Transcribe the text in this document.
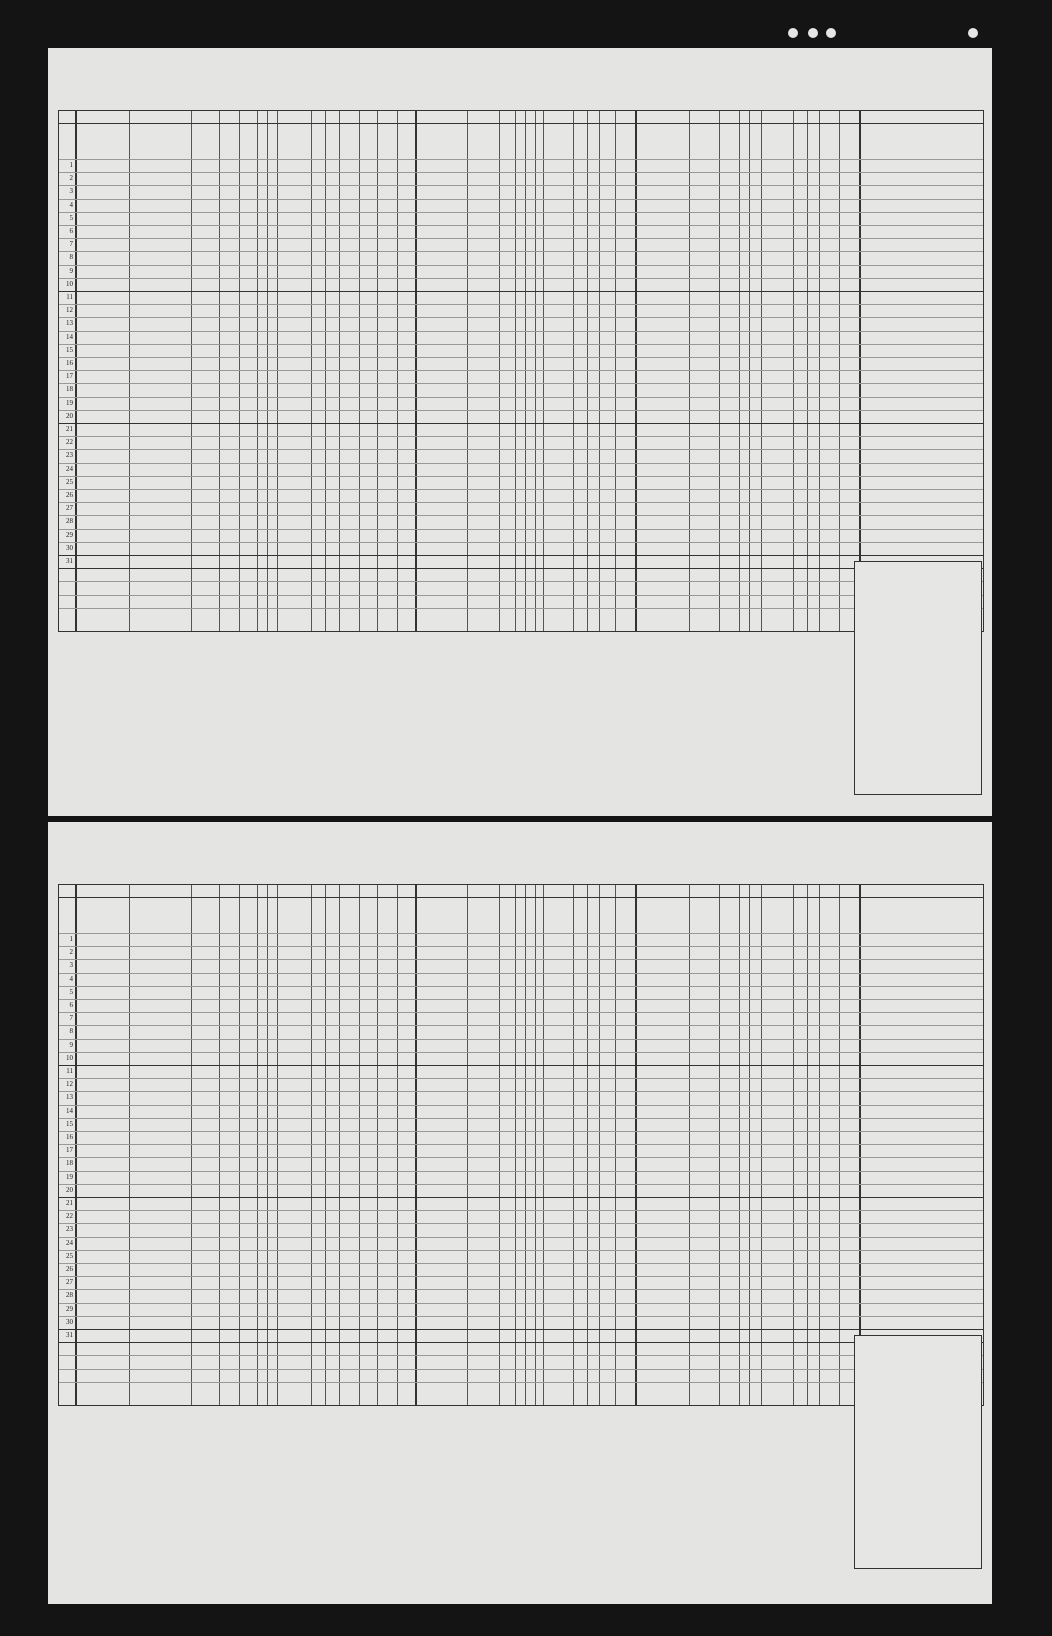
1
2
3
4
5
6
7
8
9
10
11
12
13
14
15
16
17
18
19
20
21
22
23
24
25
26
27
28
29
30
31
1
2
3
4
5
6
7
8
9
10
11
12
13
14
15
16
17
18
19
20
21
22
23
24
25
26
27
28
29
30
31
